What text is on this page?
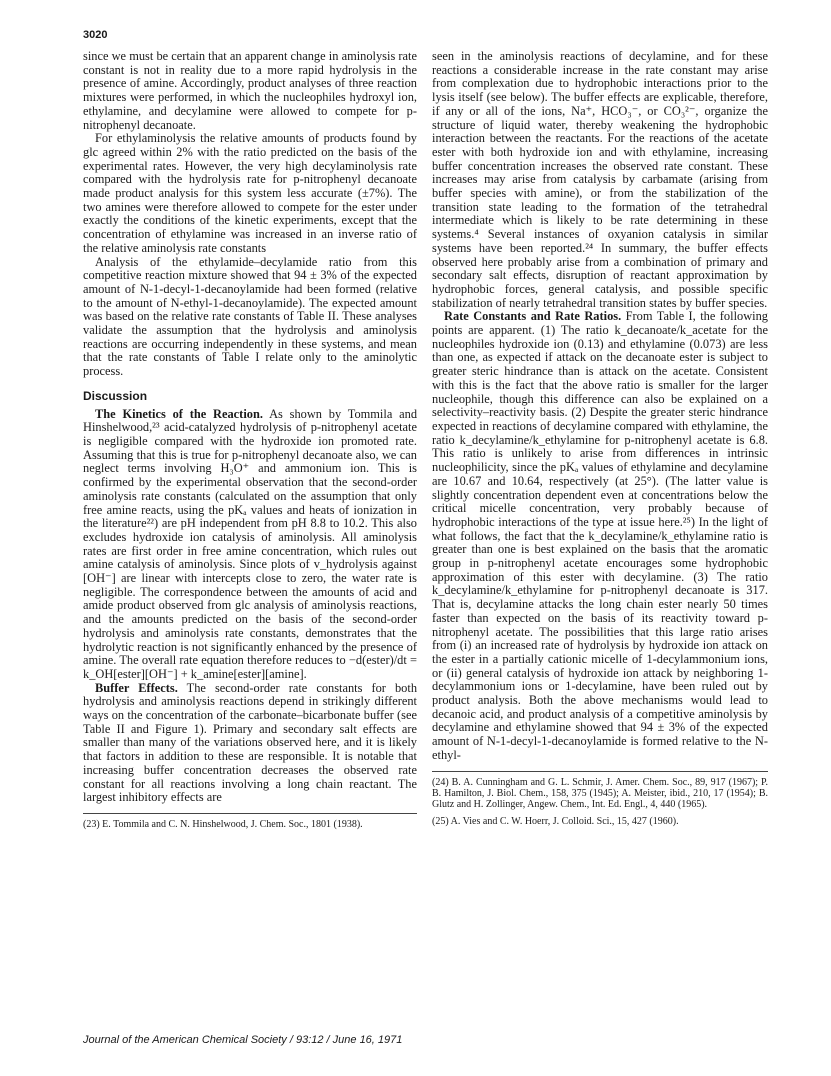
3020

since we must be certain that an apparent change in aminolysis rate constant is not in reality due to a more rapid hydrolysis in the presence of amine. Accordingly, product analyses of three reaction mixtures were performed, in which the nucleophiles hydroxyl ion, ethylamine, and decylamine were allowed to compete for p-nitrophenyl decanoate.

For ethylaminolysis the relative amounts of products found by glc agreed within 2% with the ratio predicted on the basis of the experimental rates. However, the very high decylaminolysis rate compared with the hydrolysis rate for p-nitrophenyl decanoate made product analysis for this system less accurate (±7%). The two amines were therefore allowed to compete for the ester under exactly the conditions of the kinetic experiments, except that the concentration of ethylamine was increased in an inverse ratio of the relative aminolysis rate constants

Analysis of the ethylamide–decylamide ratio from this competitive reaction mixture showed that 94 ± 3% of the expected amount of N-1-decyl-1-decanoylamide had been formed (relative to the amount of N-ethyl-1-decanoylamide). The expected amount was based on the relative rate constants of Table II. These analyses validate the assumption that the hydrolysis and aminolysis reactions are occurring independently in these systems, and mean that the rate constants of Table I relate only to the aminolytic process.

Discussion

The Kinetics of the Reaction. As shown by Tommila and Hinshelwood,²³ acid-catalyzed hydrolysis of p-nitrophenyl acetate is negligible compared with the hydroxide ion promoted rate. Assuming that this is true for p-nitrophenyl decanoate also, we can neglect terms involving H₃O⁺ and ammonium ion. This is confirmed by the experimental observation that the second-order aminolysis rate constants (calculated on the assumption that only free amine reacts, using the pKₐ values and heats of ionization in the literature²²) are pH independent from pH 8.8 to 10.2. This also excludes hydroxide ion catalysis of aminolysis. All aminolysis rates are first order in free amine concentration, which rules out amine catalysis of aminolysis. Since plots of v_hydrolysis against [OH⁻] are linear with intercepts close to zero, the water rate is negligible. The correspondence between the amounts of acid and amide product observed from glc analysis of aminolysis reactions, and the amounts predicted on the basis of the second-order hydrolysis and aminolysis rate constants, demonstrates that the hydrolytic reaction is not significantly enhanced by the presence of amine. The overall rate equation therefore reduces to −d(ester)/dt = k_OH[ester][OH⁻] + k_amine[ester][amine].

Buffer Effects. The second-order rate constants for both hydrolysis and aminolysis reactions depend in strikingly different ways on the concentration of the carbonate–bicarbonate buffer (see Table II and Figure 1). Primary and secondary salt effects are smaller than many of the variations observed here, and it is likely that factors in addition to these are responsible. It is notable that increasing buffer concentration decreases the observed rate constant for all reactions involving a long chain reactant. The largest inhibitory effects are

(23) E. Tommila and C. N. Hinshelwood, J. Chem. Soc., 1801 (1938).

seen in the aminolysis reactions of decylamine, and for these reactions a considerable increase in the rate constant may arise from complexation due to hydrophobic interactions prior to the lysis itself (see below). The buffer effects are explicable, therefore, if any or all of the ions, Na⁺, HCO₃⁻, or CO₃²⁻, organize the structure of liquid water, thereby weakening the hydrophobic interaction between the reactants. For the reactions of the acetate ester with both hydroxide ion and with ethylamine, increasing buffer concentration increases the observed rate constant. These increases may arise from catalysis by carbamate (arising from buffer species with amine), or from the stabilization of the transition state leading to the formation of the tetrahedral intermediate which is likely to be rate determining in these systems.⁴ Several instances of oxyanion catalysis in similar systems have been reported.²⁴ In summary, the buffer effects observed here probably arise from a combination of primary and secondary salt effects, disruption of reactant approximation by hydrophobic forces, general catalysis, and possible specific stabilization of nearly tetrahedral transition states by buffer species.

Rate Constants and Rate Ratios. From Table I, the following points are apparent. (1) The ratio k_decanoate/k_acetate for the nucleophiles hydroxide ion (0.13) and ethylamine (0.073) are less than one, as expected if attack on the decanoate ester is subject to greater steric hindrance than is attack on the acetate. Consistent with this is the fact that the above ratio is smaller for the larger nucleophile, though this difference can also be explained on a selectivity–reactivity basis. (2) Despite the greater steric hindrance expected in reactions of decylamine compared with ethylamine, the ratio k_decylamine/k_ethylamine for p-nitrophenyl acetate is 6.8. This ratio is unlikely to arise from differences in intrinsic nucleophilicity, since the pKₐ values of ethylamine and decylamine are 10.67 and 10.64, respectively (at 25°). (The latter value is slightly concentration dependent even at concentrations below the critical micelle concentration, very probably because of hydrophobic interactions of the type at issue here.²⁵) In the light of what follows, the fact that the k_decylamine/k_ethylamine ratio is greater than one is best explained on the basis that the aromatic group in p-nitrophenyl acetate encourages some hydrophobic approximation of this ester with decylamine. (3) The ratio k_decylamine/k_ethylamine for p-nitrophenyl decanoate is 317. That is, decylamine attacks the long chain ester nearly 50 times faster than expected on the basis of its reactivity toward p-nitrophenyl acetate. The possibilities that this large ratio arises from (i) an increased rate of hydrolysis by hydroxide ion attack on the ester in a partially cationic micelle of 1-decylammonium ions, or (ii) general catalysis of hydroxide ion attack by neighboring 1-decylammonium ions or 1-decylamine, have been ruled out by product analysis. Both the above mechanisms would lead to decanoic acid, and product analysis of a competitive aminolysis by decylamine and ethylamine showed that 94 ± 3% of the expected amount of N-1-decyl-1-decanoylamide is formed relative to the N-ethyl-

(24) B. A. Cunningham and G. L. Schmir, J. Amer. Chem. Soc., 89, 917 (1967); P. B. Hamilton, J. Biol. Chem., 158, 375 (1945); A. Meister, ibid., 210, 17 (1954); B. Glutz and H. Zollinger, Angew. Chem., Int. Ed. Engl., 4, 440 (1965).
(25) A. Vies and C. W. Hoerr, J. Colloid. Sci., 15, 427 (1960).
Journal of the American Chemical Society / 93:12 / June 16, 1971
